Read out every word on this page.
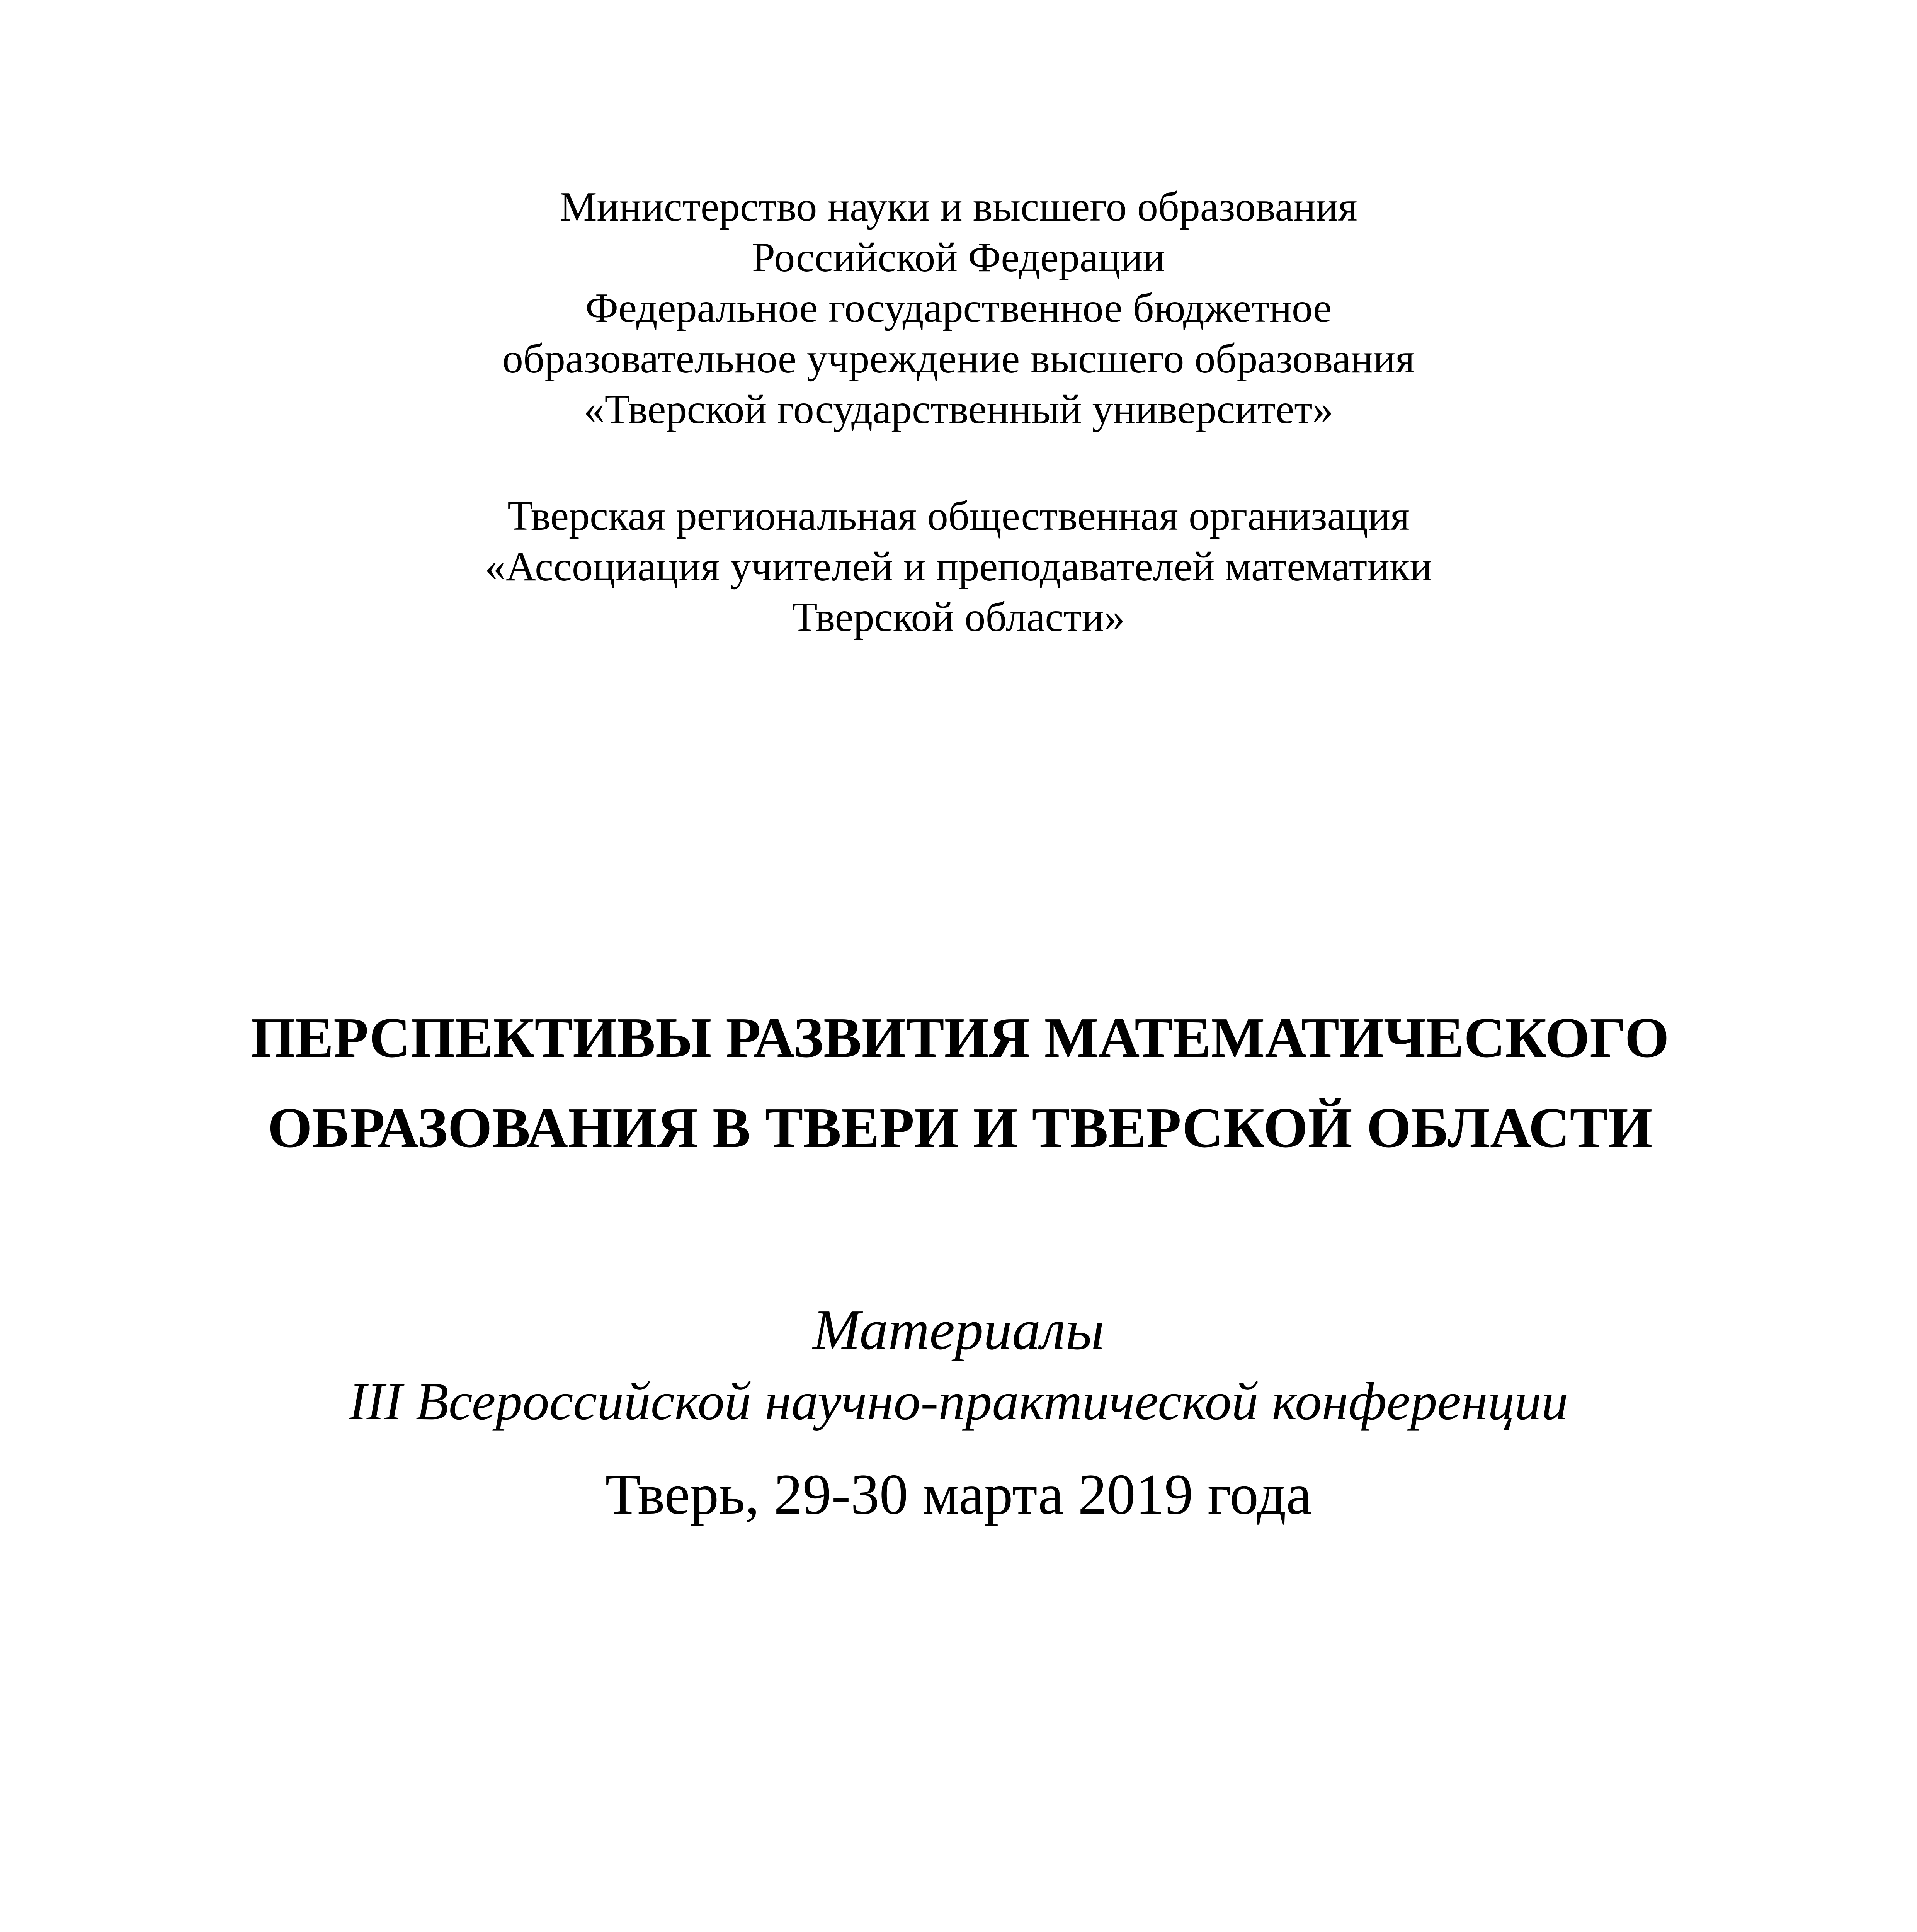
Министерство науки и высшего образования
Российской Федерации
Федеральное государственное бюджетное
образовательное учреждение высшего образования
«Тверской государственный университет»
Тверская региональная общественная организация
«Ассоциация учителей и преподавателей математики
Тверской области»
ПЕРСПЕКТИВЫ РАЗВИТИЯ МАТЕМАТИЧЕСКОГО
ОБРАЗОВАНИЯ В ТВЕРИ И ТВЕРСКОЙ ОБЛАСТИ
Материалы
III Всероссийской научно-практической конференции
Тверь, 29-30 марта 2019 года
